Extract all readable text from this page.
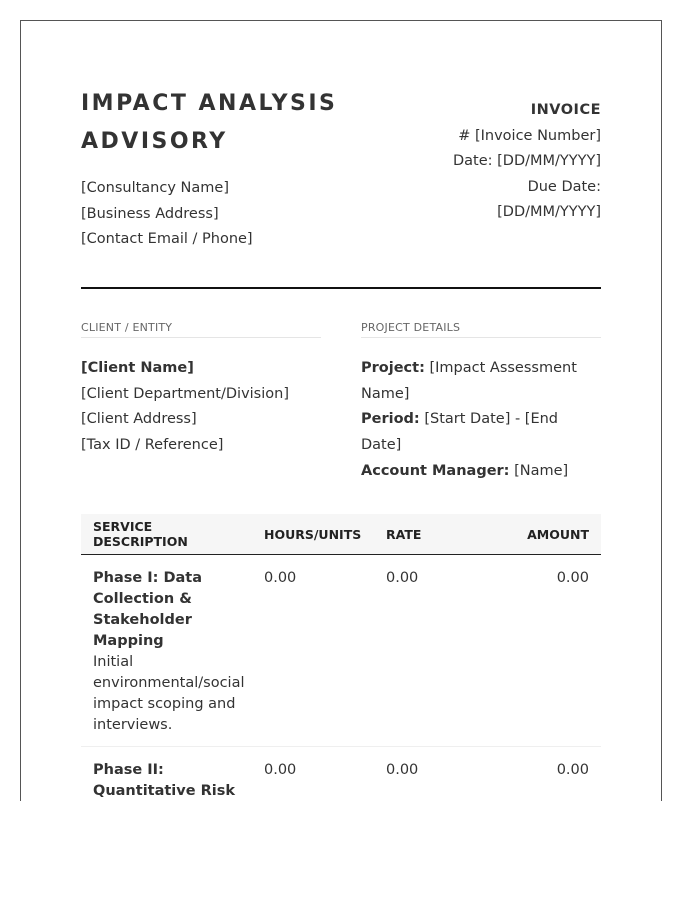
IMPACT ANALYSIS ADVISORY
[Consultancy Name]
[Business Address]
[Contact Email / Phone]
INVOICE
# [Invoice Number]
Date: [DD/MM/YYYY]
Due Date:
[DD/MM/YYYY]
CLIENT / ENTITY
[Client Name]
[Client Department/Division]
[Client Address]
[Tax ID / Reference]
PROJECT DETAILS
Project: [Impact Assessment Name]
Period: [Start Date] - [End Date]
Account Manager: [Name]
SERVICE DESCRIPTION	HOURS/UNITS	RATE	AMOUNT

Phase I: Data Collection & Stakeholder Mapping
Initial environmental/social impact scoping and interviews.	0.00	0.00	0.00

Phase II: Quantitative Risk	0.00	0.00	0.00
